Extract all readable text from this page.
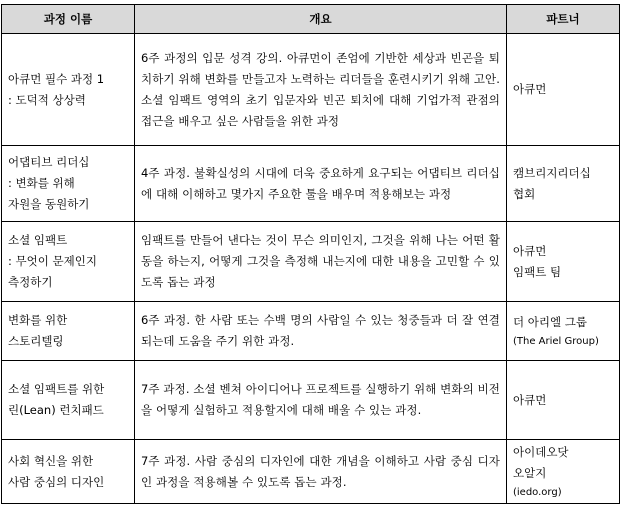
과정 이름	개요	파트너

아큐먼 필수 과정 1
: 도덕적 상상력	6주 과정의 입문 성격 강의. 아큐먼이 존엄에 기반한 세상과 빈곤을 퇴치하기 위해 변화를 만들고자 노력하는 리더들을 훈련시키기 위해 고안. 소셜 임팩트 영역의 초기 입문자와 빈곤 퇴치에 대해 기업가적 관점의 접근을 배우고 싶은 사람들을 위한 과정	아큐먼

어댑티브 리더십
: 변화를 위해
자원을 동원하기	4주 과정. 불확실성의 시대에 더욱 중요하게 요구되는 어댑티브 리더십에 대해 이해하고 몇가지 주요한 툴을 배우며 적용해보는 과정	캠브리지리더십
협회

소셜 임팩트
: 무엇이 문제인지
측정하기	임팩트를 만들어 낸다는 것이 무슨 의미인지, 그것을 위해 나는 어떤 활동을 하는지, 어떻게 그것을 측정해 내는지에 대한 내용을 고민할 수 있도록 돕는 과정	아큐먼
임팩트 팀

변화를 위한
스토리텔링	6주 과정. 한 사람 또는 수백 명의 사람일 수 있는 청중들과 더 잘 연결되는데 도움을 주기 위한 과정.	더 아리엘 그룹
(The Ariel Group)

소셜 임팩트를 위한
린(Lean) 런치패드	7주 과정. 소셜 벤쳐 아이디어나 프로젝트를 실행하기 위해 변화의 비전을 어떻게 실험하고 적용할지에 대해 배울 수 있는 과정.	아큐먼

사회 혁신을 위한
사람 중심의 디자인	7주 과정. 사람 중심의 디자인에 대한 개념을 이해하고 사람 중심 디자인 과정을 적용해볼 수 있도록 돕는 과정.	아이데오닷
오알지
(iedo.org)
